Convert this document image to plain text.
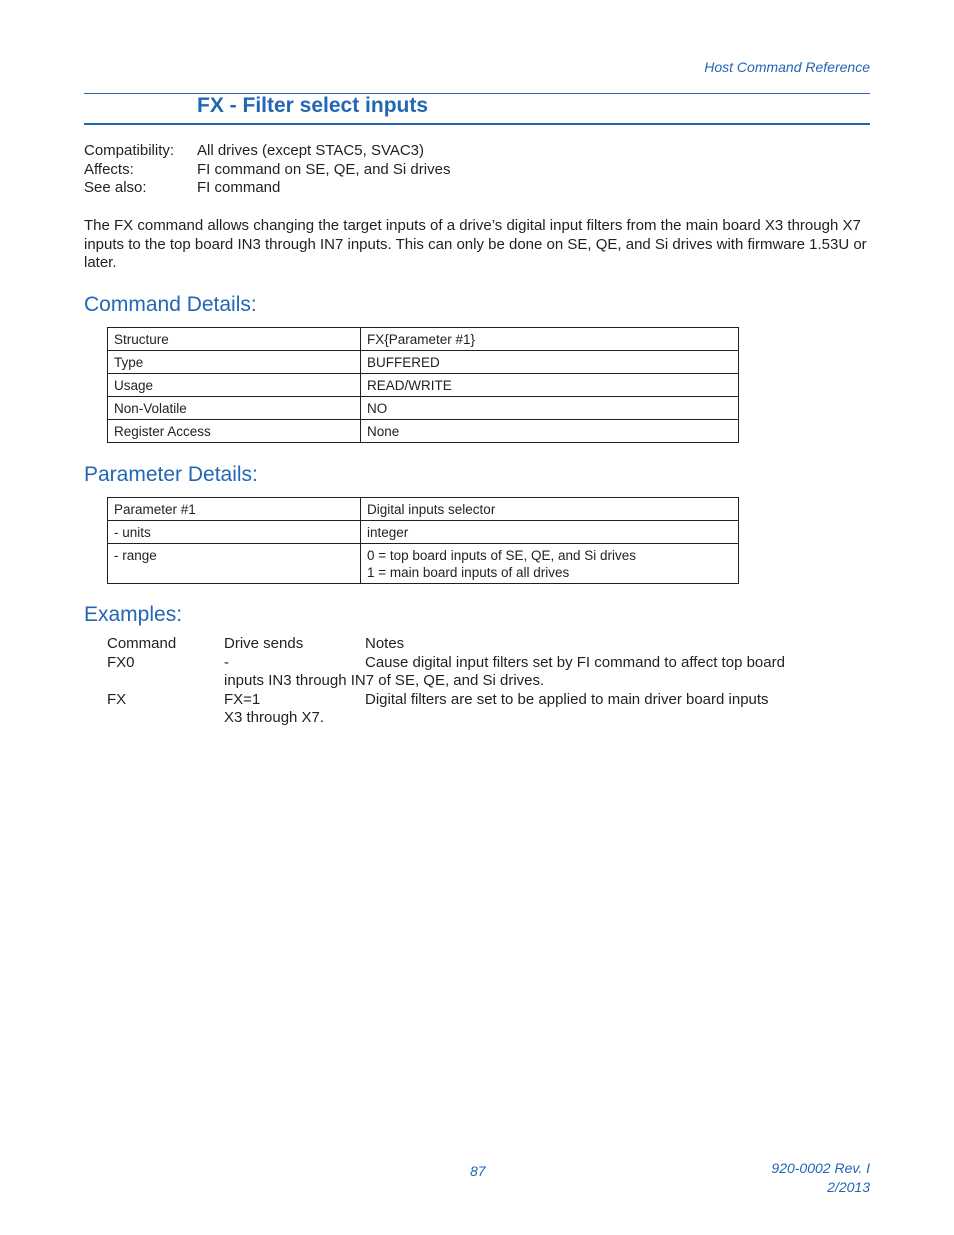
Host Command Reference
FX - Filter select inputs
Compatibility:	All drives (except STAC5, SVAC3)
Affects:	FI command on SE, QE, and Si drives
See also:	FI command
The FX command allows changing the target inputs of a drive’s digital input filters from the main board X3 through X7 inputs to the top board IN3 through IN7 inputs. This can only be done on SE, QE, and Si drives with firmware 1.53U or later.
Command Details:
Structure	FX{Parameter #1}
Type	BUFFERED
Usage	READ/WRITE
Non-Volatile	NO
Register Access	None
Parameter Details:
Parameter #1	Digital inputs selector
- units	integer
- range	0 = top board inputs of SE, QE, and Si drives
1 = main board inputs of all drives
Examples:
Command	Drive sends	Notes
FX0	-	Cause digital input filters set by FI command to affect top board
inputs IN3 through IN7 of SE, QE, and Si drives.
FX	FX=1	Digital filters are set to be applied to main driver board inputs
X3 through X7.
87	920-0002 Rev. I
2/2013
